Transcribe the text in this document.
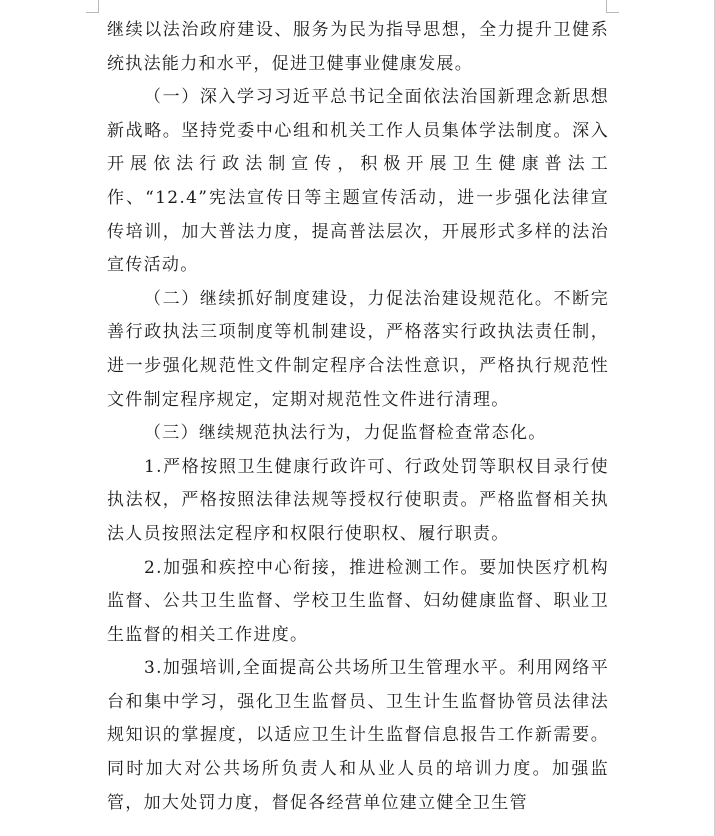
继续以法治政府建设、服务为民为指导思想，全力提升卫健系统执法能力和水平，促进卫健事业健康发展。

（一）深入学习习近平总书记全面依法治国新理念新思想新战略。坚持党委中心组和机关工作人员集体学法制度。深入开展依法行政法制宣传，积极开展卫生健康普法工作、“12.4”宪法宣传日等主题宣传活动，进一步强化法律宣传培训，加大普法力度，提高普法层次，开展形式多样的法治宣传活动。

（二）继续抓好制度建设，力促法治建设规范化。不断完善行政执法三项制度等机制建设，严格落实行政执法责任制，进一步强化规范性文件制定程序合法性意识，严格执行规范性文件制定程序规定，定期对规范性文件进行清理。

（三）继续规范执法行为，力促监督检查常态化。

1.严格按照卫生健康行政许可、行政处罚等职权目录行使执法权，严格按照法律法规等授权行使职责。严格监督相关执法人员按照法定程序和权限行使职权、履行职责。

2.加强和疾控中心衔接，推进检测工作。要加快医疗机构监督、公共卫生监督、学校卫生监督、妇幼健康监督、职业卫生监督的相关工作进度。

3.加强培训,全面提高公共场所卫生管理水平。利用网络平台和集中学习，强化卫生监督员、卫生计生监督协管员法律法规知识的掌握度，以适应卫生计生监督信息报告工作新需要。同时加大对公共场所负责人和从业人员的培训力度。加强监管，加大处罚力度，督促各经营单位建立健全卫生管
